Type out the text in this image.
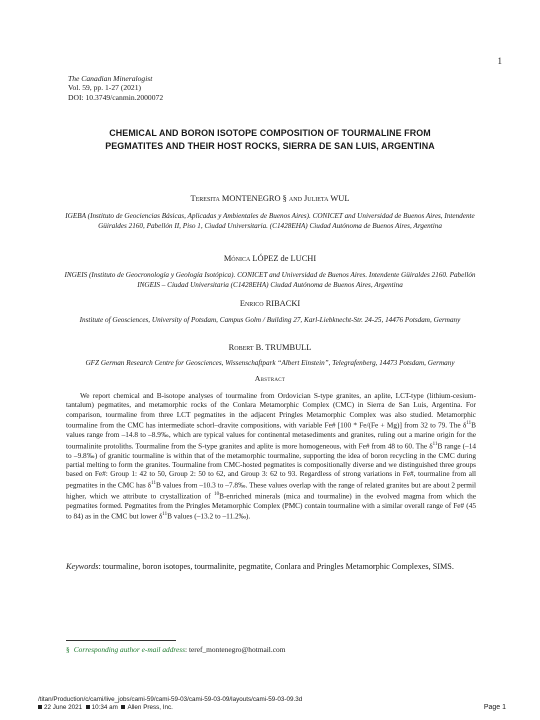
1
The Canadian Mineralogist
Vol. 59, pp. 1-27 (2021)
DOI: 10.3749/canmin.2000072
CHEMICAL AND BORON ISOTOPE COMPOSITION OF TOURMALINE FROM
PEGMATITES AND THEIR HOST ROCKS, SIERRA DE SAN LUIS, ARGENTINA
Teresita MONTENEGRO § and Julieta WUL
IGEBA (Instituto de Geociencias Básicas, Aplicadas y Ambientales de Buenos Aires). CONICET and Universidad de Buenos Aires, Intendente Güiraldes 2160, Pabellón II, Piso 1, Ciudad Universitaria. (C1428EHA) Ciudad Autónoma de Buenos Aires, Argentina
Mónica LÓPEZ de LUCHI
INGEIS (Instituto de Geocronología y Geología Isotópica). CONICET and Universidad de Buenos Aires. Intendente Güiraldes 2160. Pabellón INGEIS – Ciudad Universitaria (C1428EHA) Ciudad Autónoma de Buenos Aires, Argentina
Enrico RIBACKI
Institute of Geosciences, University of Potsdam, Campus Golm / Building 27, Karl-Liebknecht-Str. 24-25, 14476 Potsdam, Germany
Robert B. TRUMBULL
GFZ German Research Centre for Geosciences, Wissenschaftpark “Albert Einstein”, Telegrafenberg, 14473 Potsdam, Germany
Abstract

We report chemical and B-isotope analyses of tourmaline from Ordovician S-type granites, an aplite, LCT-type (lithium-cesium-tantalum) pegmatites, and metamorphic rocks of the Conlara Metamorphic Complex (CMC) in Sierra de San Luis, Argentina. For comparison, tourmaline from three LCT pegmatites in the adjacent Pringles Metamorphic Complex was also studied. Metamorphic tourmaline from the CMC has intermediate schorl–dravite compositions, with variable Fe# [100 * Fe/(Fe + Mg)] from 32 to 79. The $\delta^{11}B$ values range from –14.8 to –8.9‰, which are typical values for continental metasediments and granites, ruling out a marine origin for the tourmalinite protoliths. Tourmaline from the S-type granites and aplite is more homogeneous, with Fe# from 48 to 60. The $\delta^{11}B$ range (–14 to –9.8‰) of granitic tourmaline is within that of the metamorphic tourmaline, supporting the idea of boron recycling in the CMC during partial melting to form the granites. Tourmaline from CMC-hosted pegmatites is compositionally diverse and we distinguished three groups based on Fe#: Group 1: 42 to 50, Group 2: 50 to 62, and Group 3: 62 to 93. Regardless of strong variations in Fe#, tourmaline from all pegmatites in the CMC has $\delta^{11}B$ values from –10.3 to –7.8‰. These values overlap with the range of related granites but are about 2 permil higher, which we attribute to crystallization of $^{10}$B-enriched minerals (mica and tourmaline) in the evolved magma from which the pegmatites formed. Pegmatites from the Pringles Metamorphic Complex (PMC) contain tourmaline with a similar overall range of Fe# (45 to 84) as in the CMC but lower $\delta^{11}B$ values (–13.2 to –11.2‰).

Keywords: tourmaline, boron isotopes, tourmalinite, pegmatite, Conlara and Pringles Metamorphic Complexes, SIMS.

§ Corresponding author e-mail address: teref_montenegro@hotmail.com
/titan/Production/c/cami/live_jobs/cami-59/cami-59-03/cami-59-03-09/layouts/cami-59-03-09.3d
22 June 2021 10:34 am Allen Press, Inc.	Page 1
